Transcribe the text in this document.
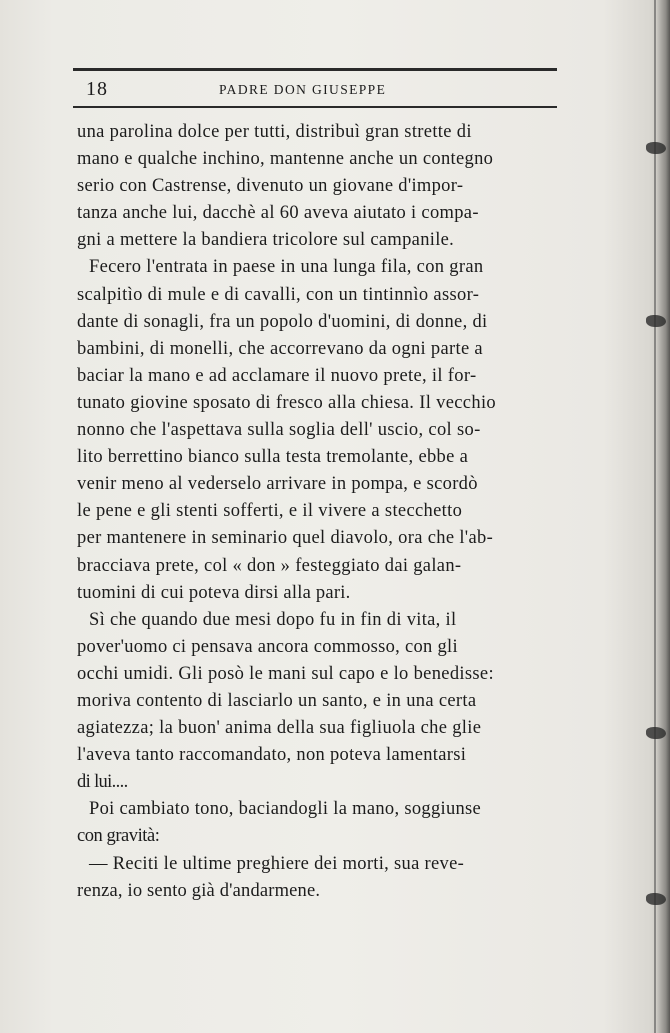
18	PADRE DON GIUSEPPE
una parolina dolce per tutti, distribuì gran strette di
mano e qualche inchino, mantenne anche un contegno
serio con Castrense, divenuto un giovane d'impor-
tanza anche lui, dacchè al 60 aveva aiutato i compa-
gni a mettere la bandiera tricolore sul campanile.
Fecero l'entrata in paese in una lunga fila, con gran
scalpitìo di mule e di cavalli, con un tintinnìo assor-
dante di sonagli, fra un popolo d'uomini, di donne, di
bambini, di monelli, che accorrevano da ogni parte a
baciar la mano e ad acclamare il nuovo prete, il for-
tunato giovine sposato di fresco alla chiesa. Il vecchio
nonno che l'aspettava sulla soglia dell' uscio, col so-
lito berrettino bianco sulla testa tremolante, ebbe a
venir meno al vederselo arrivare in pompa, e scordò
le pene e gli stenti sofferti, e il vivere a stecchetto
per mantenere in seminario quel diavolo, ora che l'ab-
bracciava prete, col « don » festeggiato dai galan-
tuomini di cui poteva dirsi alla pari.
Sì che quando due mesi dopo fu in fin di vita, il
pover'uomo ci pensava ancora commosso, con gli
occhi umidi. Gli posò le mani sul capo e lo benedisse:
moriva contento di lasciarlo un santo, e in una certa
agiatezza; la buon' anima della sua figliuola che glie
l'aveva tanto raccomandato, non poteva lamentarsi
di lui....
Poi cambiato tono, baciandogli la mano, soggiunse
con gravità:
— Reciti le ultime preghiere dei morti, sua reve-
renza, io sento già d'andarmene.
